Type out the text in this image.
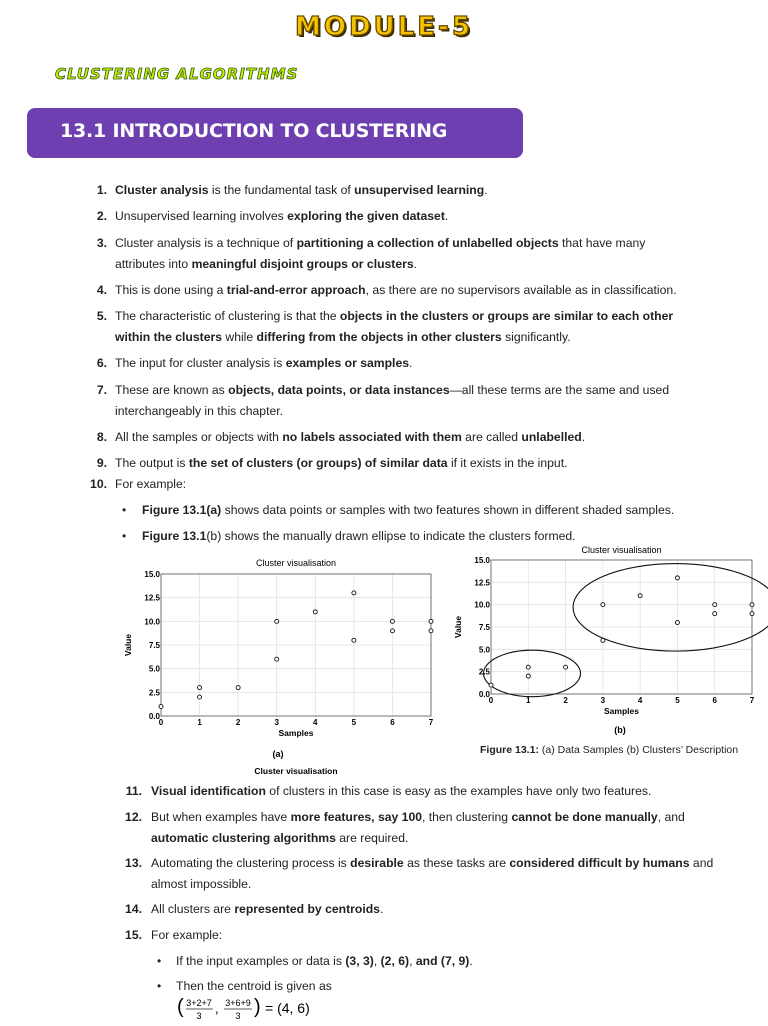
MODULE-5
CLUSTERING ALGORITHMS
13.1 INTRODUCTION TO CLUSTERING
1. Cluster analysis is the fundamental task of unsupervised learning.
2. Unsupervised learning involves exploring the given dataset.
3. Cluster analysis is a technique of partitioning a collection of unlabelled objects that have many
attributes into meaningful disjoint groups or clusters.
4. This is done using a trial-and-error approach, as there are no supervisors available as in classification.
5. The characteristic of clustering is that the objects in the clusters or groups are similar to each other
within the clusters while differing from the objects in other clusters significantly.
6. The input for cluster analysis is examples or samples.
7. These are known as objects, data points, or data instances—all these terms are the same and used
interchangeably in this chapter.
8. All the samples or objects with no labels associated with them are called unlabelled.
9. The output is the set of clusters (or groups) of similar data if it exists in the input.
10. For example:
• Figure 13.1(a) shows data points or samples with two features shown in different shaded samples.
• Figure 13.1(b) shows the manually drawn ellipse to indicate the clusters formed.
Cluster visualisation
0	1	2	3	4	5	6	7
0.0
2.5
5.0
7.5
10.0
12.5
15.0
Samples
Value
(a)
Cluster visualisation
Cluster visualisation
0	1	2	3	4	5	6	7
0.0
2.5
5.0
7.5
10.0
12.5
15.0
Samples
Value
(b)
Figure 13.1: (a) Data Samples (b) Clusters’ Description
11. Visual identification of clusters in this case is easy as the examples have only two features.
12. But when examples have more features, say 100, then clustering cannot be done manually, and
automatic clustering algorithms are required.
13. Automating the clustering process is desirable as these tasks are considered difficult by humans and
almost impossible.
14. All clusters are represented by centroids.
15. For example:
• If the input examples or data is (3, 3), (2, 6), and (7, 9).
• Then the centroid is given as
( 3+2+7
3 , 3+6+9
3 ) = (4, 6)
